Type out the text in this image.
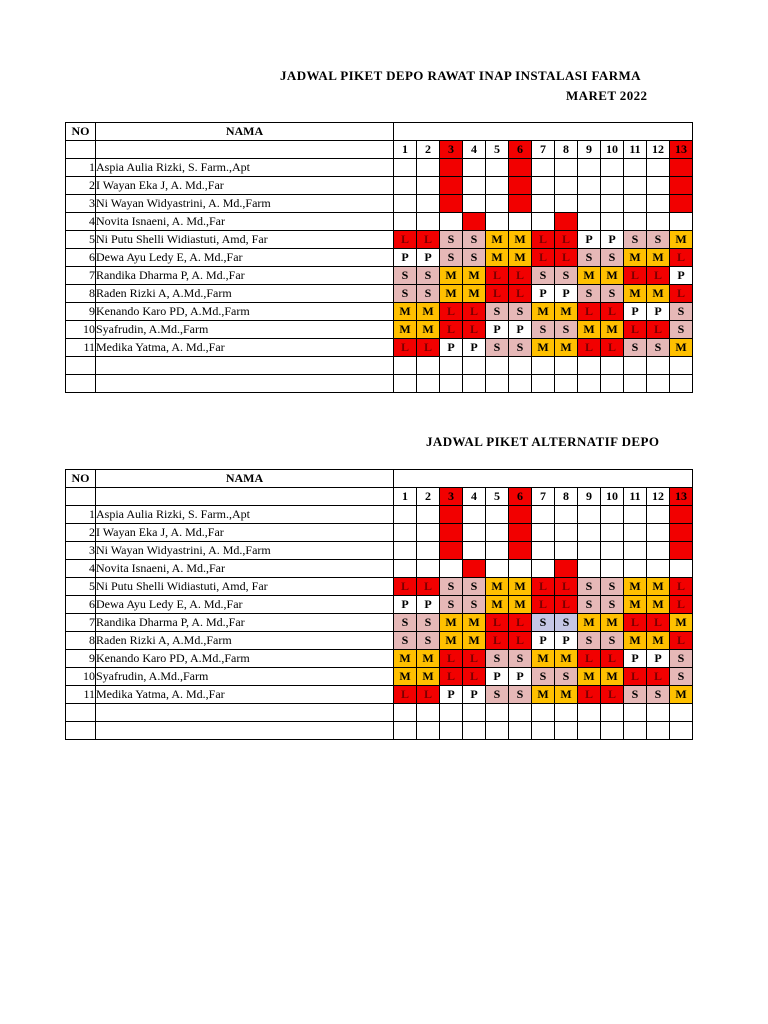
JADWAL PIKET DEPO RAWAT INAP INSTALASI FARMA
MARET 2022
NO	NAMA													
		1	2	3	4	5	6	7	8	9	10	11	12	13
1	Aspia Aulia Rizki, S. Farm.,Apt													
2	I Wayan Eka J, A. Md.,Far													
3	Ni Wayan Widyastrini, A. Md.,Farm													
4	Novita Isnaeni, A. Md.,Far													
5	Ni Putu Shelli Widiastuti, Amd, Far	L	L	S	S	M	M	L	L	P	P	S	S	M
6	Dewa Ayu Ledy E, A. Md.,Far	P	P	S	S	M	M	L	L	S	S	M	M	L
7	Randika Dharma P, A. Md.,Far	S	S	M	M	L	L	S	S	M	M	L	L	P
8	Raden Rizki A, A.Md.,Farm	S	S	M	M	L	L	P	P	S	S	M	M	L
9	Kenando Karo PD, A.Md.,Farm	M	M	L	L	S	S	M	M	L	L	P	P	S
10	Syafrudin, A.Md.,Farm	M	M	L	L	P	P	S	S	M	M	L	L	S
11	Medika Yatma, A. Md.,Far	L	L	P	P	S	S	M	M	L	L	S	S	M

JADWAL PIKET ALTERNATIF DEPO
NO	NAMA													
		1	2	3	4	5	6	7	8	9	10	11	12	13
1	Aspia Aulia Rizki, S. Farm.,Apt													
2	I Wayan Eka J, A. Md.,Far													
3	Ni Wayan Widyastrini, A. Md.,Farm													
4	Novita Isnaeni, A. Md.,Far													
5	Ni Putu Shelli Widiastuti, Amd, Far	L	L	S	S	M	M	L	L	S	S	M	M	L
6	Dewa Ayu Ledy E, A. Md.,Far	P	P	S	S	M	M	L	L	S	S	M	M	L
7	Randika Dharma P, A. Md.,Far	S	S	M	M	L	L	S	S	M	M	L	L	M
8	Raden Rizki A, A.Md.,Farm	S	S	M	M	L	L	P	P	S	S	M	M	L
9	Kenando Karo PD, A.Md.,Farm	M	M	L	L	S	S	M	M	L	L	P	P	S
10	Syafrudin, A.Md.,Farm	M	M	L	L	P	P	S	S	M	M	L	L	S
11	Medika Yatma, A. Md.,Far	L	L	P	P	S	S	M	M	L	L	S	S	M
